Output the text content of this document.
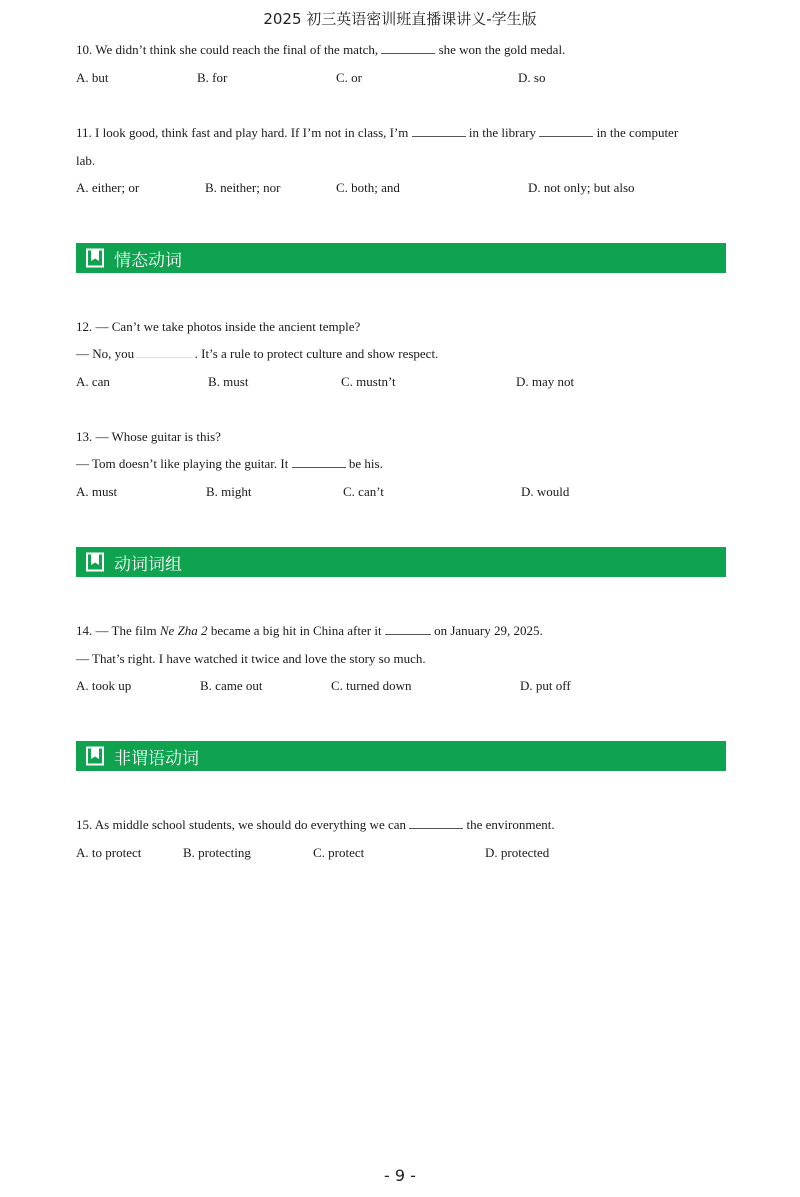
2025 初三英语密训班直播课讲义-学生版
10. We didn’t think she could reach the final of the match,	she won the gold medal.
A. but	B. for	C. or	D. so
11. I look good, think fast and play hard. If I’m not in class, I’m	in the library	in the computer
lab.
A. either; or	B. neither; nor	C. both; and	D. not only; but also
情态动词
12. — Can’t we take photos inside the ancient temple?
— No, you	. It’s a rule to protect culture and show respect.
A. can	B. must	C. mustn’t	D. may not
13. — Whose guitar is this?
— Tom doesn’t like playing the guitar. It	be his.
A. must	B. might	C. can’t	D. would
动词词组
14. — The film Ne Zha 2 became a big hit in China after it	on January 29, 2025.
— That’s right. I have watched it twice and love the story so much.
A. took up	B. came out	C. turned down	D. put off
非谓语动词
15. As middle school students, we should do everything we can	the environment.
A. to protect	B. protecting	C. protect	D. protected
- 9 -
